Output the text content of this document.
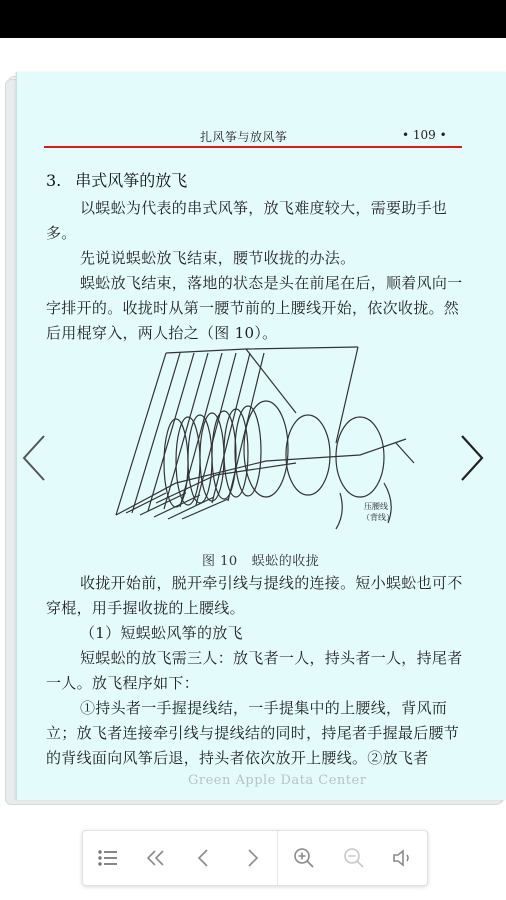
扎风筝与放风筝	• 109 •
3. 串式风筝的放飞
以蜈蚣为代表的串式风筝，放飞难度较大，需要助手也多。
先说说蜈蚣放飞结束，腰节收拢的办法。
蜈蚣放飞结束，落地的状态是头在前尾在后，顺着风向一字排开的。收拢时从第一腰节前的上腰线开始，依次收拢。然后用棍穿入，两人抬之（图 10）。
压腰线
（背线）
图 10 蜈蚣的收拢
收拢开始前，脱开牵引线与提线的连接。短小蜈蚣也可不穿棍，用手握收拢的上腰线。
（1）短蜈蚣风筝的放飞
短蜈蚣的放飞需三人：放飞者一人，持头者一人，持尾者一人。放飞程序如下：
①持头者一手握提线结，一手提集中的上腰线，背风而立；放飞者连接牵引线与提线结的同时，持尾者手握最后腰节的背线面向风筝后退，持头者依次放开上腰线。②放飞者
Green Apple Data Center
